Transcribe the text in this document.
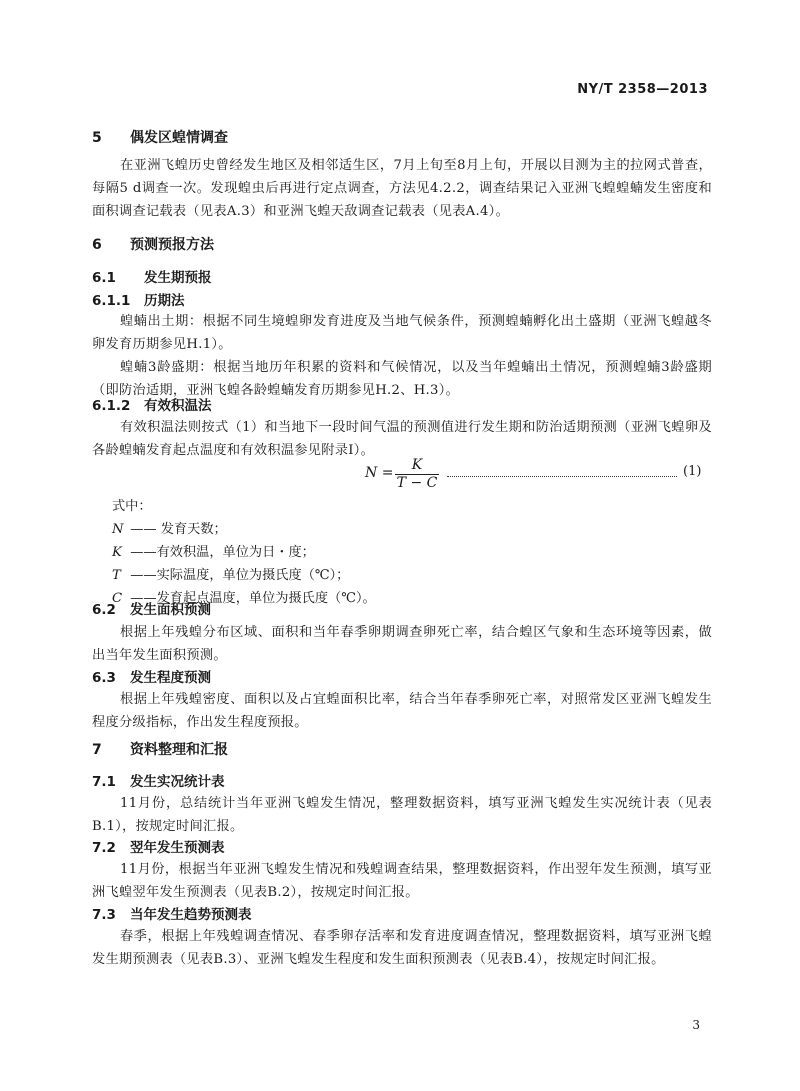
NY/T 2358—2013
5 偶发区蝗情调查

在亚洲飞蝗历史曾经发生地区及相邻适生区，7月上旬至8月上旬，开展以目测为主的拉网式普查，每隔5 d调查一次。发现蝗虫后再进行定点调查，方法见4.2.2，调查结果记入亚洲飞蝗蝗蝻发生密度和面积调查记载表（见表A.3）和亚洲飞蝗天敌调查记载表（见表A.4）。

6 预测预报方法
6.1 发生期预报
6.1.1 历期法

蝗蝻出土期：根据不同生境蝗卵发育进度及当地气候条件，预测蝗蝻孵化出土盛期（亚洲飞蝗越冬卵发育历期参见H.1）。

蝗蝻3龄盛期：根据当地历年积累的资料和气候情况，以及当年蝗蝻出土情况，预测蝗蝻3龄盛期（即防治适期，亚洲飞蝗各龄蝗蝻发育历期参见H.2、H.3）。

6.1.2 有效积温法

有效积温法则按式（1）和当地下一段时间气温的预测值进行发生期和防治适期预测（亚洲飞蝗卵及各龄蝗蝻发育起点温度和有效积温参见附录I）。

N =	K
T − C
(1)
式中：
N —— 发育天数；
K ——有效积温，单位为日・度；
T ——实际温度，单位为摄氏度（℃）；
C ——发育起点温度，单位为摄氏度（℃）。
6.2 发生面积预测

根据上年残蝗分布区域、面积和当年春季卵期调查卵死亡率，结合蝗区气象和生态环境等因素，做出当年发生面积预测。

6.3 发生程度预测

根据上年残蝗密度、面积以及占宜蝗面积比率，结合当年春季卵死亡率，对照常发区亚洲飞蝗发生程度分级指标，作出发生程度预报。

7 资料整理和汇报
7.1 发生实况统计表

11月份，总结统计当年亚洲飞蝗发生情况，整理数据资料，填写亚洲飞蝗发生实况统计表（见表B.1），按规定时间汇报。

7.2 翌年发生预测表

11月份，根据当年亚洲飞蝗发生情况和残蝗调查结果，整理数据资料，作出翌年发生预测，填写亚洲飞蝗翌年发生预测表（见表B.2），按规定时间汇报。

7.3 当年发生趋势预测表

春季，根据上年残蝗调查情况、春季卵存活率和发育进度调查情况，整理数据资料，填写亚洲飞蝗发生期预测表（见表B.3）、亚洲飞蝗发生程度和发生面积预测表（见表B.4），按规定时间汇报。

3
